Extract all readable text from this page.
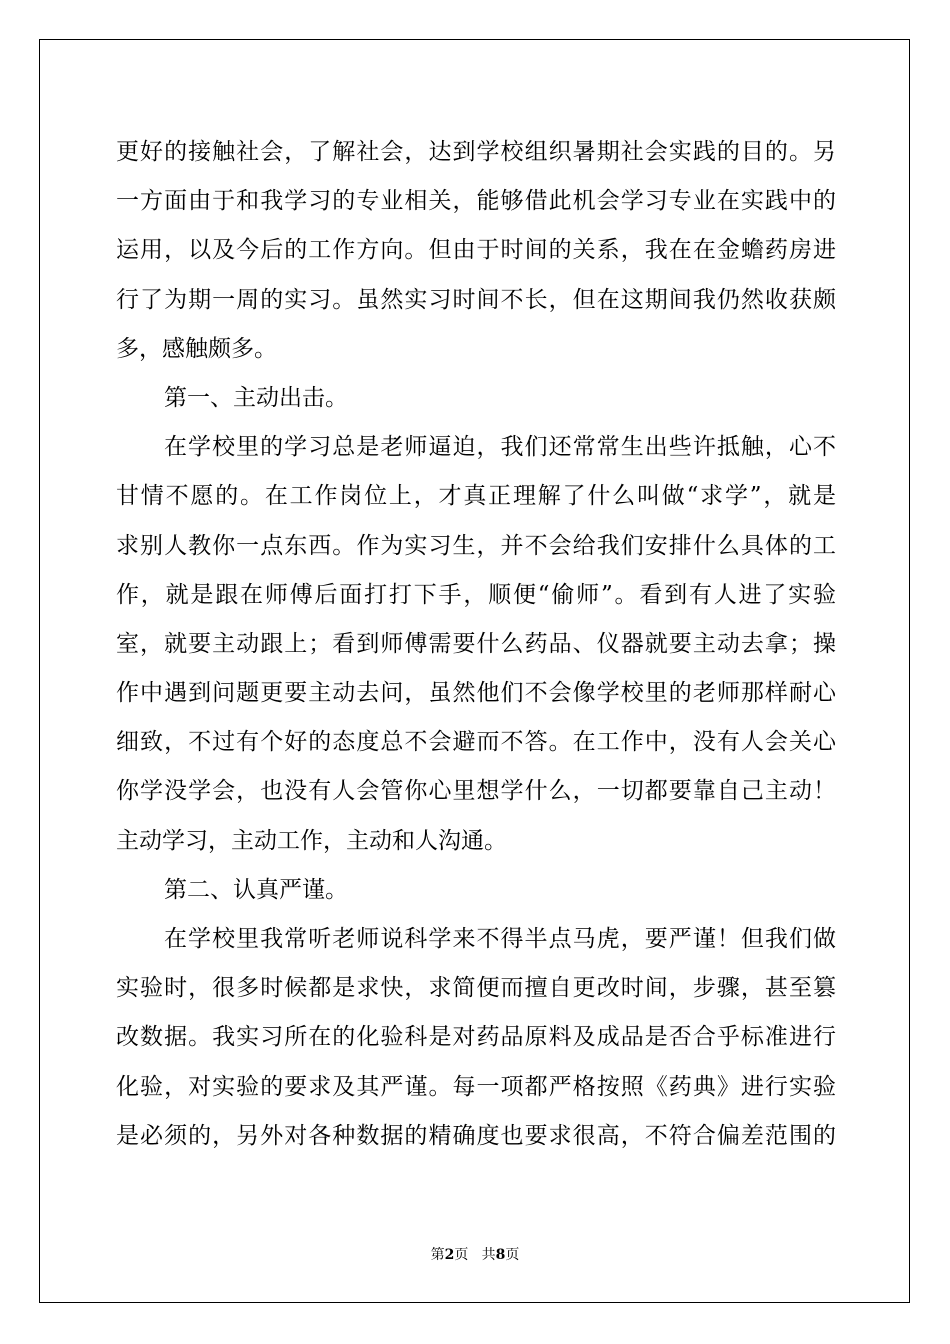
更好的接触社会，了解社会，达到学校组织暑期社会实践的目的。另
一方面由于和我学习的专业相关，能够借此机会学习专业在实践中的
运用，以及今后的工作方向。但由于时间的关系，我在在金蟾药房进
行了为期一周的实习。虽然实习时间不长，但在这期间我仍然收获颇
多，感触颇多。
第一、主动出击。
在学校里的学习总是老师逼迫，我们还常常生出些许抵触，心不
甘情不愿的。在工作岗位上，才真正理解了什么叫做“求学”，就是
求别人教你一点东西。作为实习生，并不会给我们安排什么具体的工
作，就是跟在师傅后面打打下手，顺便“偷师”。看到有人进了实验
室，就要主动跟上；看到师傅需要什么药品、仪器就要主动去拿；操
作中遇到问题更要主动去问，虽然他们不会像学校里的老师那样耐心
细致，不过有个好的态度总不会避而不答。在工作中，没有人会关心
你学没学会，也没有人会管你心里想学什么，一切都要靠自己主动！
主动学习，主动工作，主动和人沟通。
第二、认真严谨。
在学校里我常听老师说科学来不得半点马虎，要严谨！但我们做
实验时，很多时候都是求快，求简便而擅自更改时间，步骤，甚至篡
改数据。我实习所在的化验科是对药品原料及成品是否合乎标准进行
化验，对实验的要求及其严谨。每一项都严格按照《药典》进行实验
是必须的，另外对各种数据的精确度也要求很高，不符合偏差范围的
第2页 共8页
